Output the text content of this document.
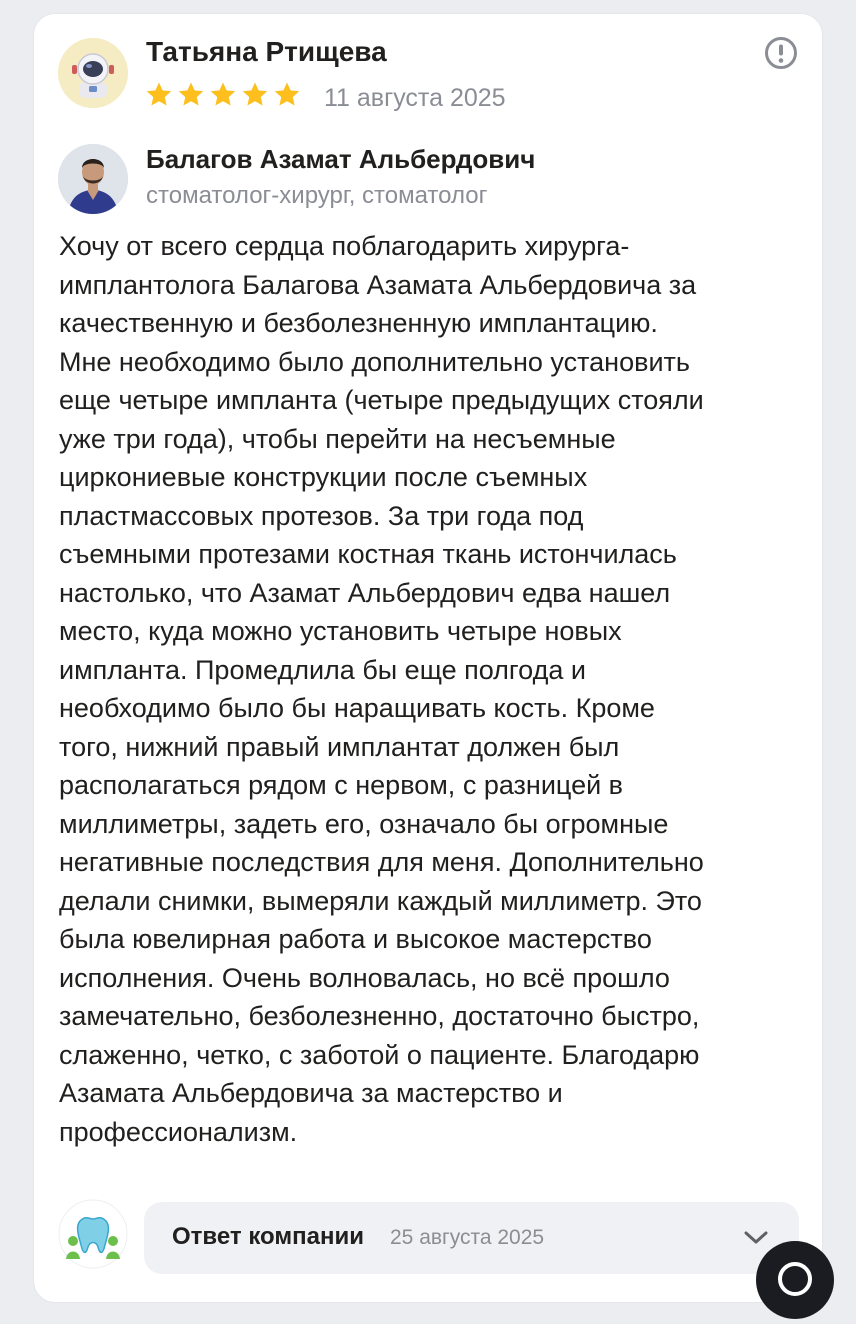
Татьяна Ртищева
11 августа 2025
Балагов Азамат Альбердович
стоматолог-хирург, стоматолог
Хочу от всего сердца поблагодарить хирурга-
имплантолога Балагова Азамата Альбердовича за
качественную и безболезненную имплантацию.
Мне необходимо было дополнительно установить
еще четыре импланта (четыре предыдущих стояли
уже три года), чтобы перейти на несъемные
циркониевые конструкции после съемных
пластмассовых протезов. За три года под
съемными протезами костная ткань истончилась
настолько, что Азамат Альбердович едва нашел
место, куда можно установить четыре новых
импланта. Промедлила бы еще полгода и
необходимо было бы наращивать кость. Кроме
того, нижний правый имплантат должен был
располагаться рядом с нервом, с разницей в
миллиметры, задеть его, означало бы огромные
негативные последствия для меня. Дополнительно
делали снимки, вымеряли каждый миллиметр. Это
была ювелирная работа и высокое мастерство
исполнения. Очень волновалась, но всё прошло
замечательно, безболезненно, достаточно быстро,
слаженно, четко, с заботой о пациенте. Благодарю
Азамата Альбердовича за мастерство и
профессионализм.
Ответ компании 25 августа 2025
